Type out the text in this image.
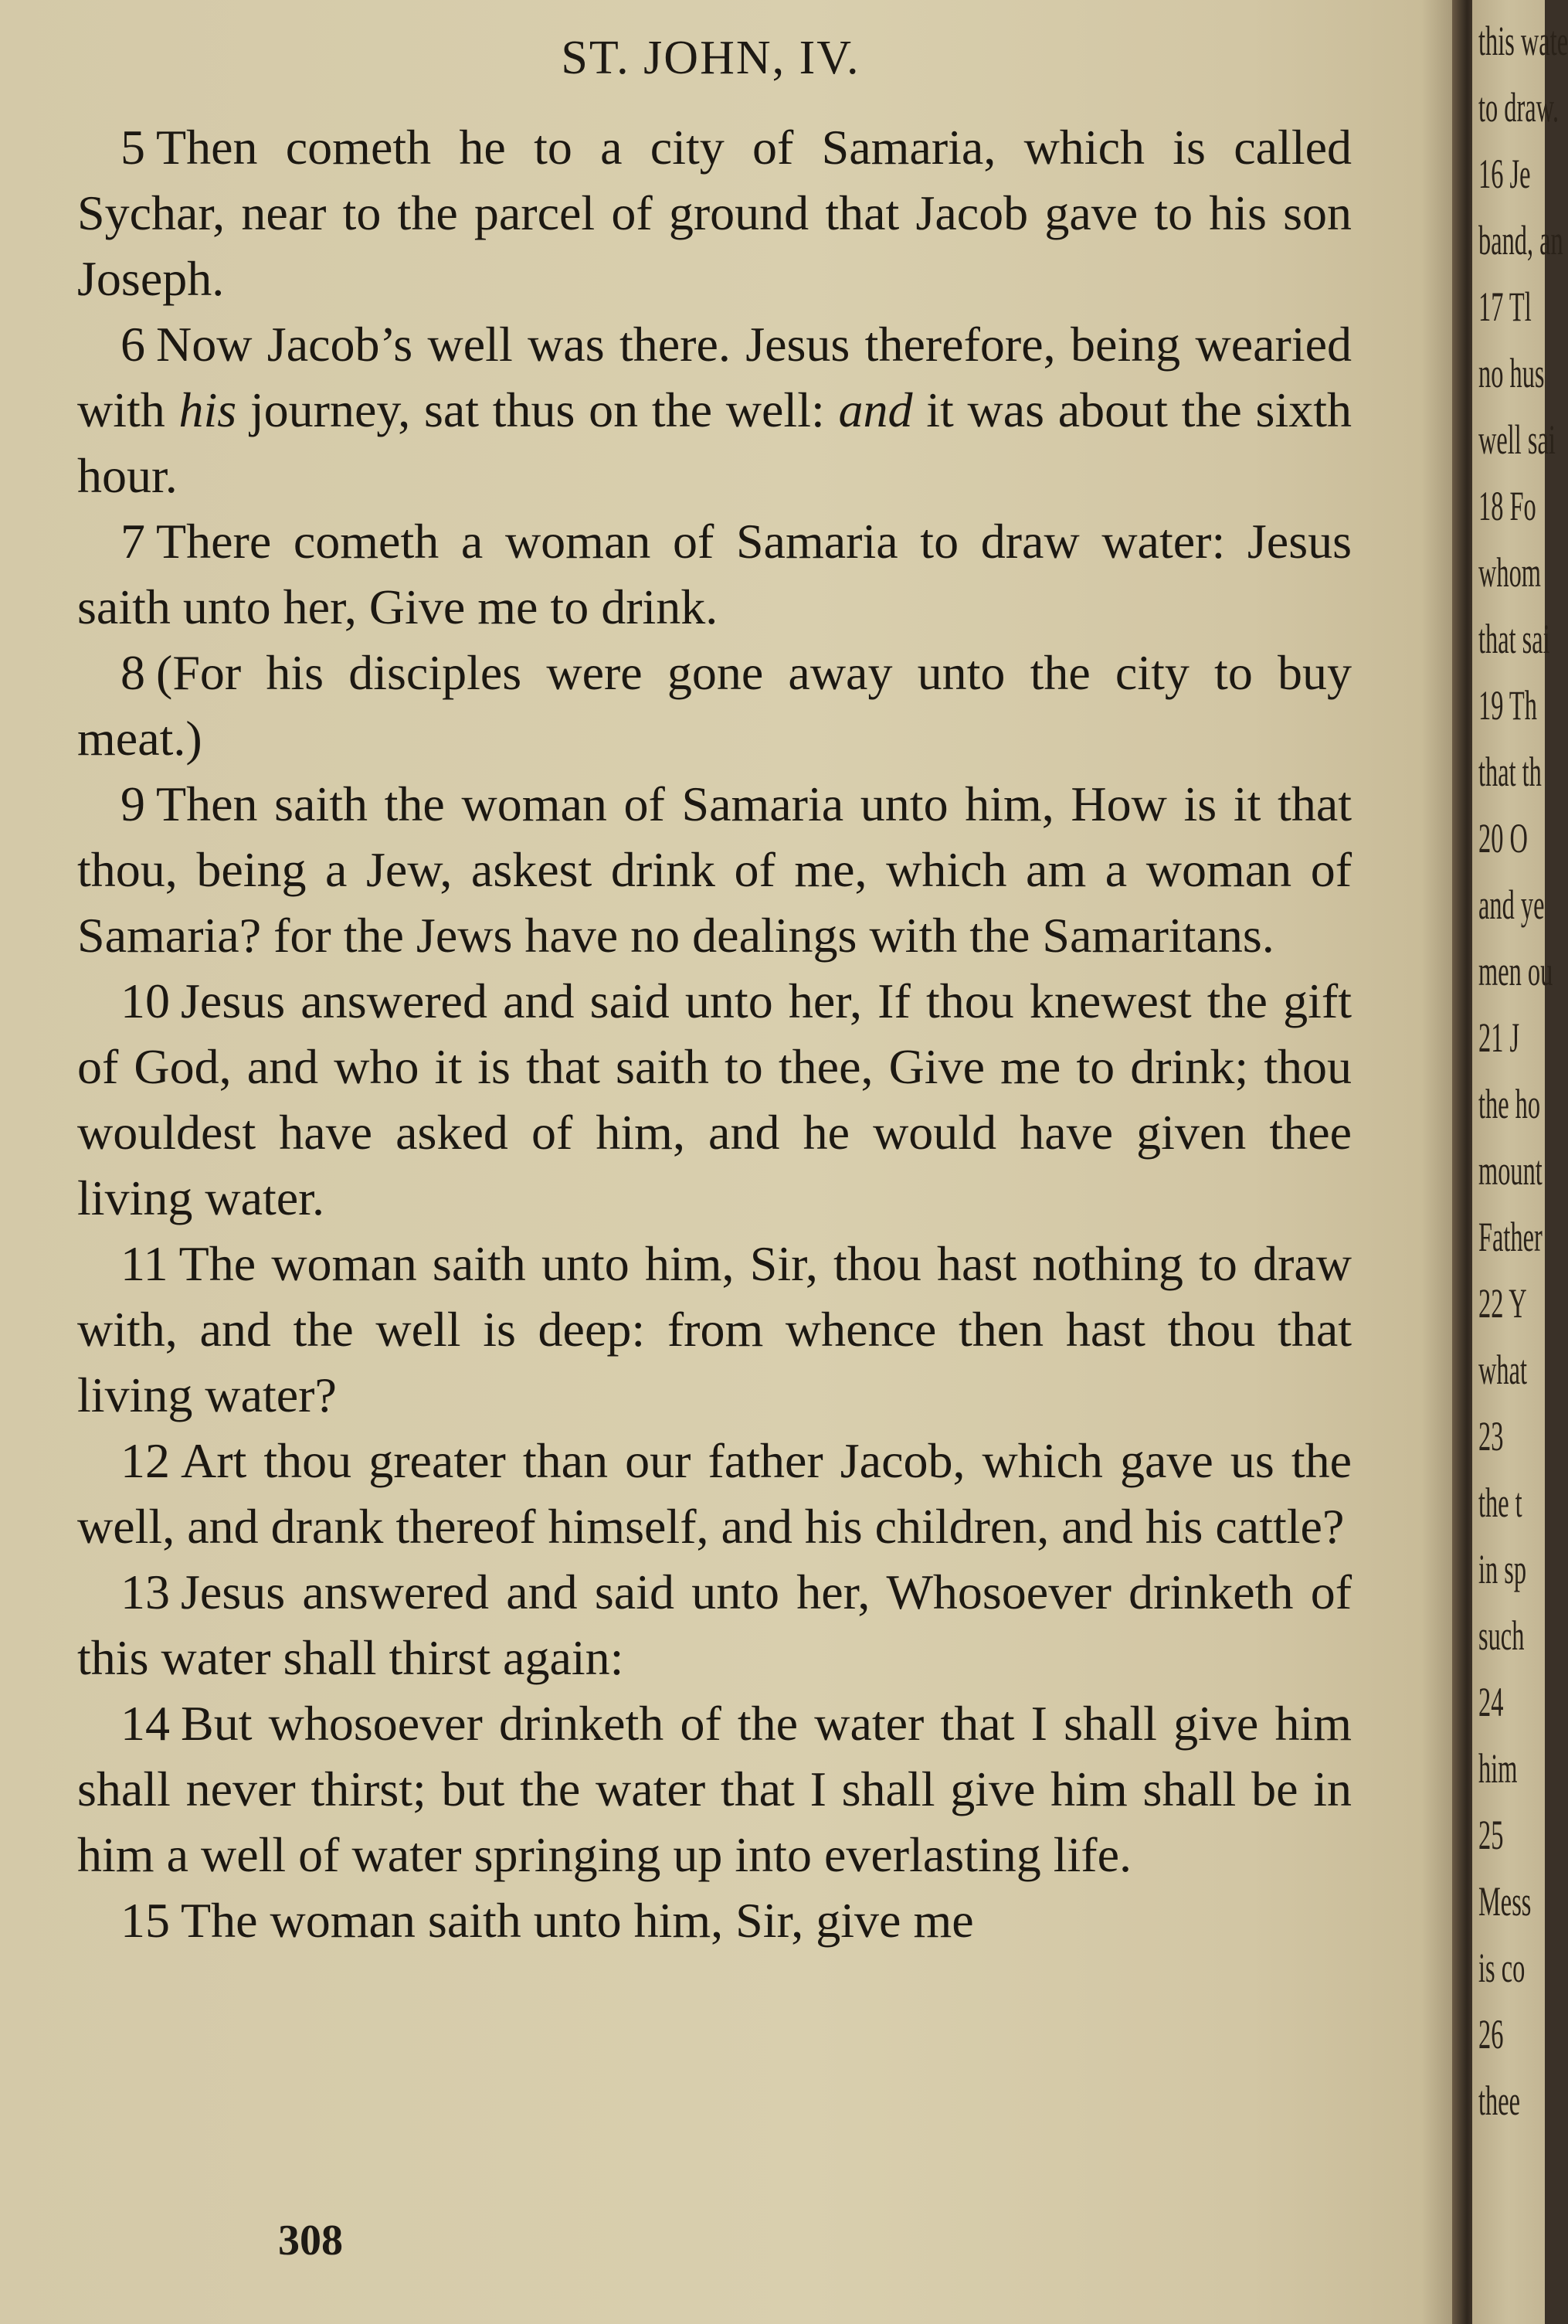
ST. JOHN, IV.

5 Then cometh he to a city of Samaria, which is called Sychar, near to the parcel of ground that Jacob gave to his son Joseph.

6 Now Jacob’s well was there. Jesus therefore, being wearied with his journey, sat thus on the well: and it was about the sixth hour.

7 There cometh a woman of Samaria to draw water: Jesus saith unto her, Give me to drink.

8 (For his disciples were gone away unto the city to buy meat.)

9 Then saith the woman of Samaria unto him, How is it that thou, being a Jew, askest drink of me, which am a woman of Samaria? for the Jews have no dealings with the Samaritans.

10 Jesus answered and said unto her, If thou knewest the gift of God, and who it is that saith to thee, Give me to drink; thou wouldest have asked of him, and he would have given thee living water.

11 The woman saith unto him, Sir, thou hast nothing to draw with, and the well is deep: from whence then hast thou that living water?

12 Art thou greater than our father Jacob, which gave us the well, and drank thereof himself, and his children, and his cattle?

13 Jesus answered and said unto her, Whosoever drinketh of this water shall thirst again:

14 But whosoever drinketh of the water that I shall give him shall never thirst; but the water that I shall give him shall be in him a well of water springing up into everlasting life.

15 The woman saith unto him, Sir, give me

308
this wate
to draw.
16 Je
band, an
17 Tl
no hus
well sai
18 Fo
whom
that sai
19 Th
that th
20 O
and ye
men ou
21 J
the ho
mount
Father
22 Y
what
23
the t
in sp
such
24
him
25
Mess
is co
26
thee
